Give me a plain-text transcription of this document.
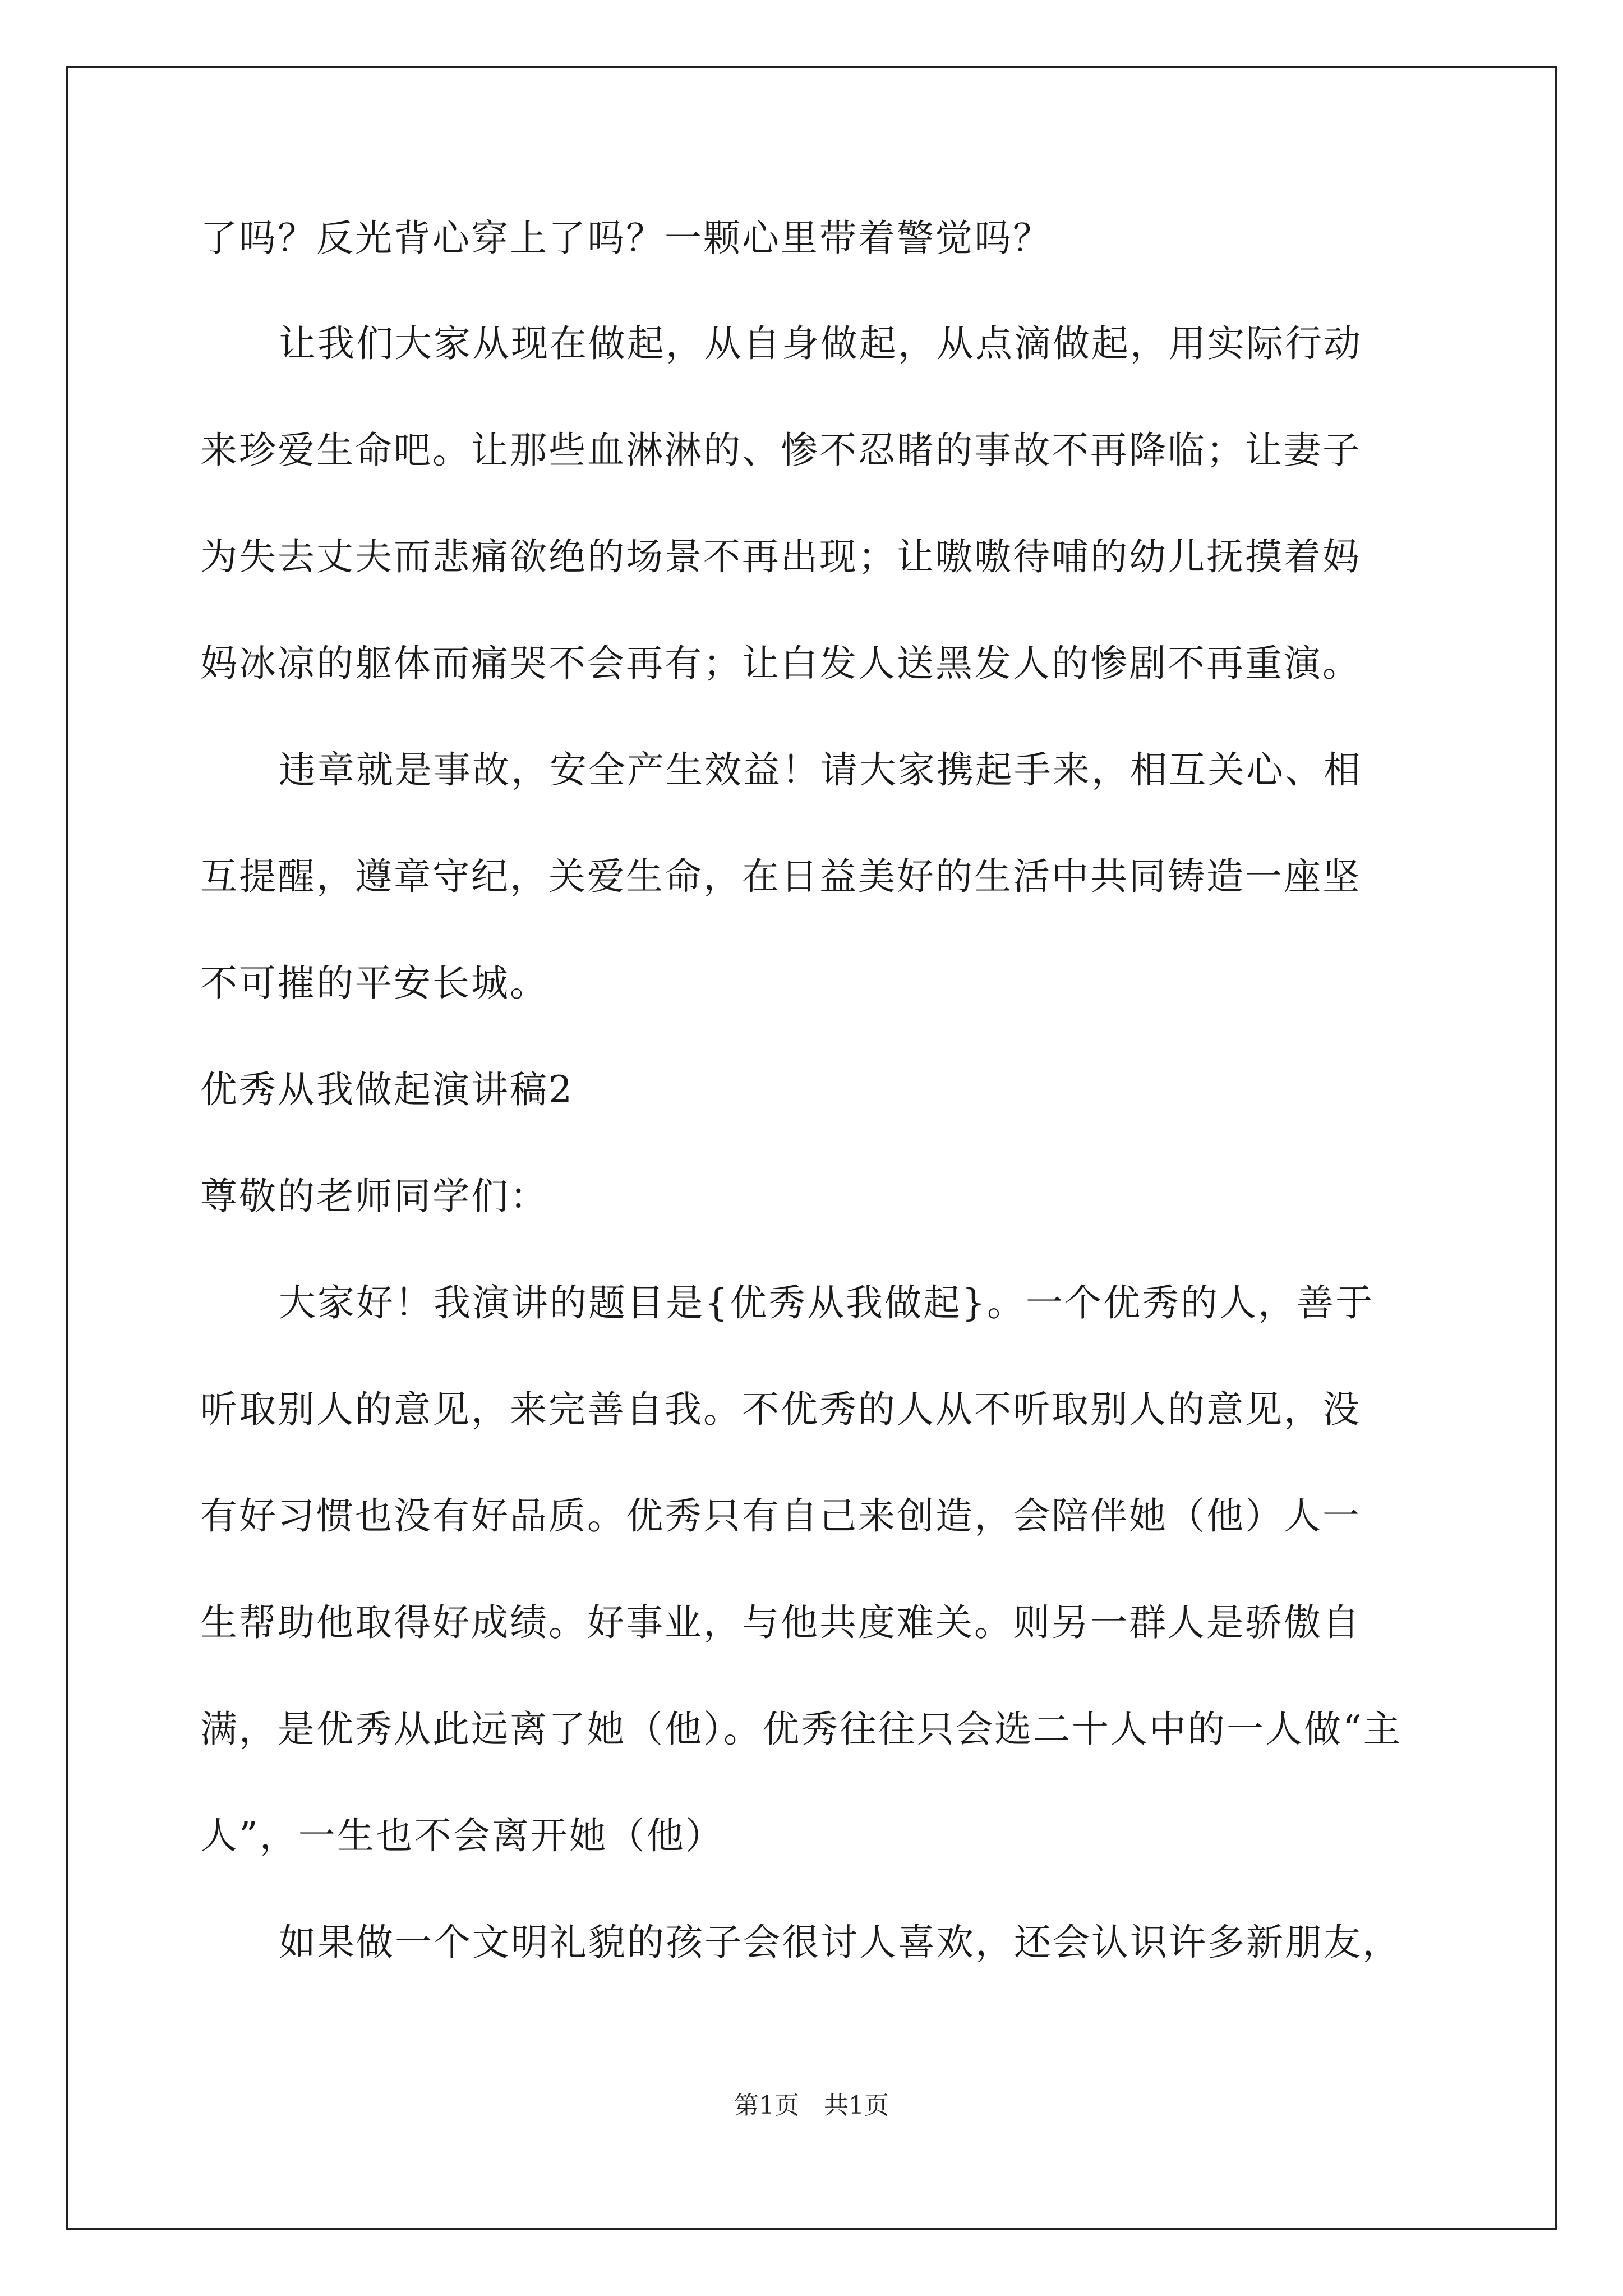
了吗？反光背心穿上了吗？一颗心里带着警觉吗？
让我们大家从现在做起，从自身做起，从点滴做起，用实际行动
来珍爱生命吧。让那些血淋淋的、惨不忍睹的事故不再降临；让妻子
为失去丈夫而悲痛欲绝的场景不再出现；让嗷嗷待哺的幼儿抚摸着妈
妈冰凉的躯体而痛哭不会再有；让白发人送黑发人的惨剧不再重演。
违章就是事故，安全产生效益！请大家携起手来，相互关心、相
互提醒，遵章守纪，关爱生命，在日益美好的生活中共同铸造一座坚
不可摧的平安长城。
优秀从我做起演讲稿2
尊敬的老师同学们：
大家好！我演讲的题目是{优秀从我做起}。一个优秀的人，善于
听取别人的意见，来完善自我。不优秀的人从不听取别人的意见，没
有好习惯也没有好品质。优秀只有自己来创造，会陪伴她（他）人一
生帮助他取得好成绩。好事业，与他共度难关。则另一群人是骄傲自
满，是优秀从此远离了她（他）。优秀往往只会选二十人中的一人做“主
人”，一生也不会离开她（他）
如果做一个文明礼貌的孩子会很讨人喜欢，还会认识许多新朋友，
第1页　共1页
